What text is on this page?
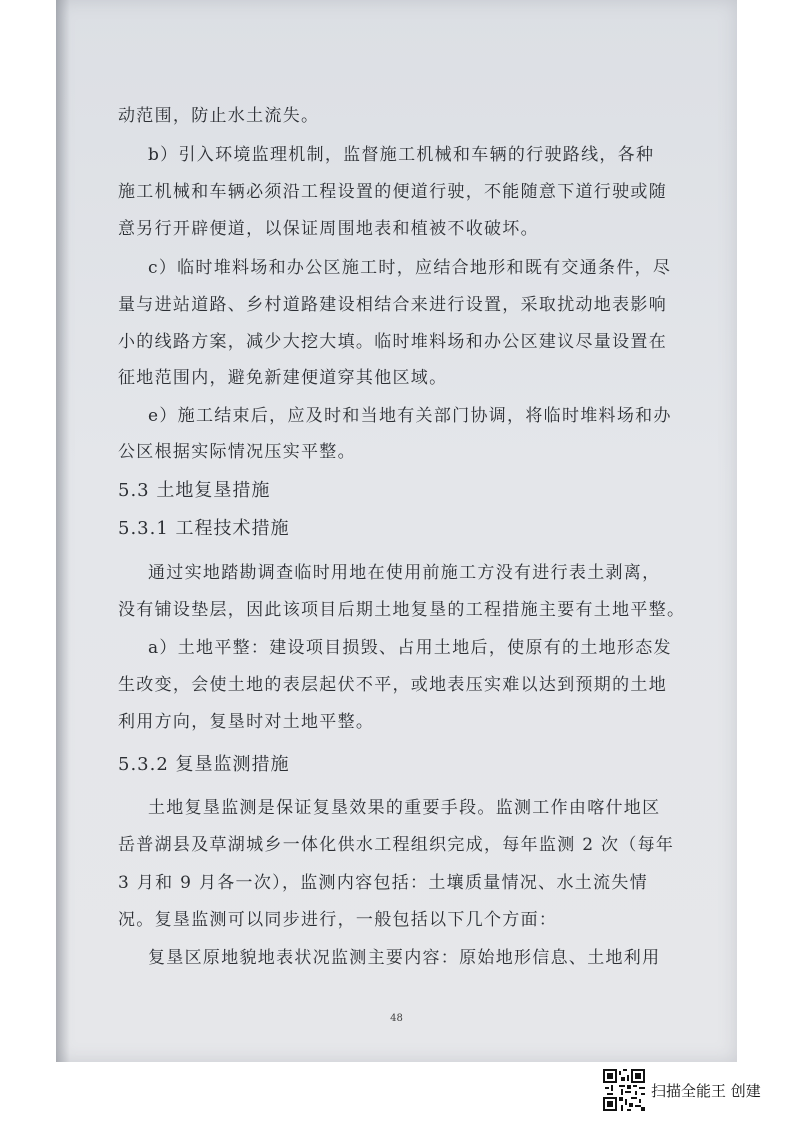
动范围，防止水土流失。

b）引入环境监理机制，监督施工机械和车辆的行驶路线，各种

施工机械和车辆必须沿工程设置的便道行驶，不能随意下道行驶或随

意另行开辟便道，以保证周围地表和植被不收破坏。

c）临时堆料场和办公区施工时，应结合地形和既有交通条件，尽

量与进站道路、乡村道路建设相结合来进行设置，采取扰动地表影响

小的线路方案，减少大挖大填。临时堆料场和办公区建议尽量设置在

征地范围内，避免新建便道穿其他区域。

e）施工结束后，应及时和当地有关部门协调，将临时堆料场和办

公区根据实际情况压实平整。

5.3 土地复垦措施

5.3.1 工程技术措施

通过实地踏勘调查临时用地在使用前施工方没有进行表土剥离，

没有铺设垫层，因此该项目后期土地复垦的工程措施主要有土地平整。

a）土地平整：建设项目损毁、占用土地后，使原有的土地形态发

生改变，会使土地的表层起伏不平，或地表压实难以达到预期的土地

利用方向，复垦时对土地平整。

5.3.2 复垦监测措施

土地复垦监测是保证复垦效果的重要手段。监测工作由喀什地区

岳普湖县及草湖城乡一体化供水工程组织完成，每年监测 2 次（每年

3 月和 9 月各一次），监测内容包括：土壤质量情况、水土流失情

况。复垦监测可以同步进行，一般包括以下几个方面：

复垦区原地貌地表状况监测主要内容：原始地形信息、土地利用

48

扫描全能王 创建
